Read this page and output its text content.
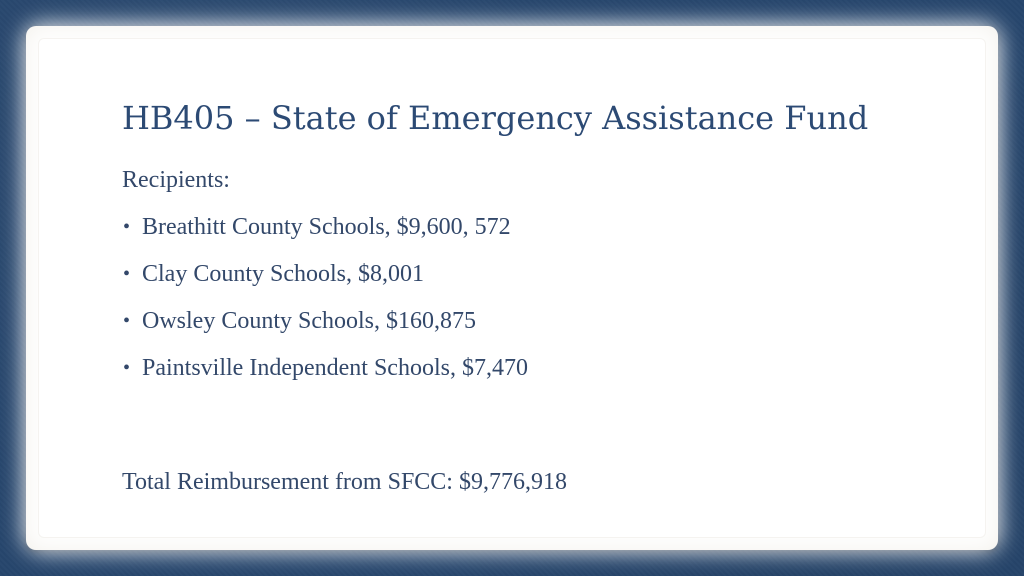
HB405 – State of Emergency Assistance Fund

Recipients:

• Breathitt County Schools, $9,600, 572
• Clay County Schools, $8,001
• Owsley County Schools, $160,875
• Paintsville Independent Schools, $7,470

Total Reimbursement from SFCC: $9,776,918
